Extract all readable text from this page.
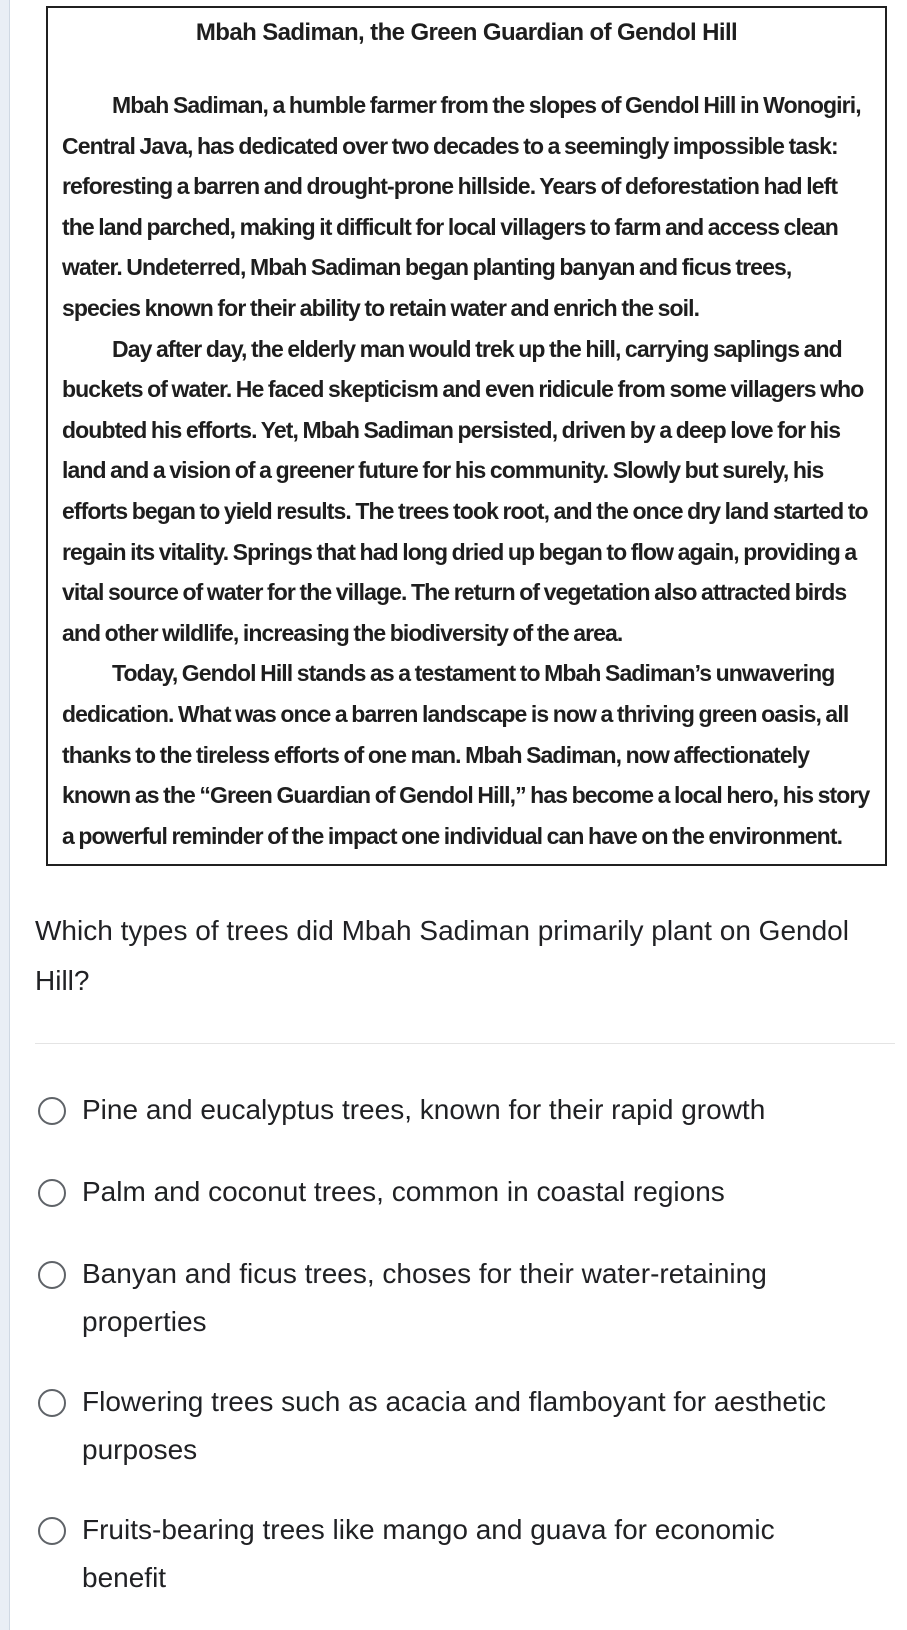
Mbah Sadiman, the Green Guardian of Gendol Hill

Mbah Sadiman, a humble farmer from the slopes of Gendol Hill in Wonogiri, Central Java, has dedicated over two decades to a seemingly impossible task: reforesting a barren and drought-prone hillside. Years of deforestation had left the land parched, making it difficult for local villagers to farm and access clean water. Undeterred, Mbah Sadiman began planting banyan and ficus trees, species known for their ability to retain water and enrich the soil.

Day after day, the elderly man would trek up the hill, carrying saplings and buckets of water. He faced skepticism and even ridicule from some villagers who doubted his efforts. Yet, Mbah Sadiman persisted, driven by a deep love for his land and a vision of a greener future for his community. Slowly but surely, his efforts began to yield results. The trees took root, and the once dry land started to regain its vitality. Springs that had long dried up began to flow again, providing a vital source of water for the village. The return of vegetation also attracted birds and other wildlife, increasing the biodiversity of the area.

Today, Gendol Hill stands as a testament to Mbah Sadiman’s unwavering dedication. What was once a barren landscape is now a thriving green oasis, all thanks to the tireless efforts of one man. Mbah Sadiman, now affectionately known as the “Green Guardian of Gendol Hill,” has become a local hero, his story a powerful reminder of the impact one individual can have on the environment.

Which types of trees did Mbah Sadiman primarily plant on Gendol Hill?

Pine and eucalyptus trees, known for their rapid growth
Palm and coconut trees, common in coastal regions
Banyan and ficus trees, choses for their water-retaining properties
Flowering trees such as acacia and flamboyant for aesthetic purposes
Fruits-bearing trees like mango and guava for economic benefit
